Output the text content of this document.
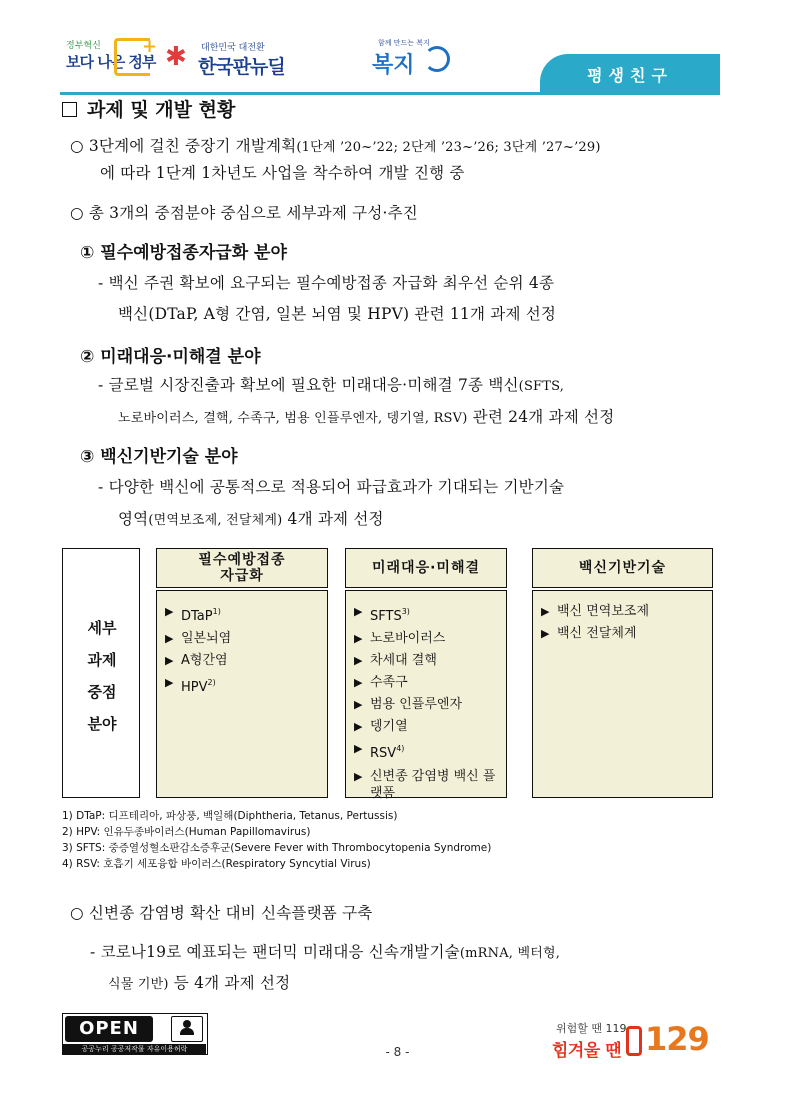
정부혁신
보다 나은 정부
+ ✱ 대한민국 대전환
한국판뉴딜
함께 만드는 복지
복지	평생친구
과제 및 개발 현황
○ 3단계에 걸친 중장기 개발계획(1단계 ’20~’22; 2단계 ’23~’26; 3단계 ’27~’29)
에 따라 1단계 1차년도 사업을 착수하여 개발 진행 중
○ 총 3개의 중점분야 중심으로 세부과제 구성·추진
① 필수예방접종자급화 분야
- 백신 주권 확보에 요구되는 필수예방접종 자급화 최우선 순위 4종
백신(DTaP, A형 간염, 일본 뇌염 및 HPV) 관련 11개 과제 선정
② 미래대응·미해결 분야
- 글로벌 시장진출과 확보에 필요한 미래대응·미해결 7종 백신(SFTS,
노로바이러스, 결핵, 수족구, 범용 인플루엔자, 뎅기열, RSV) 관련 24개 과제 선정
③ 백신기반기술 분야
- 다양한 백신에 공통적으로 적용되어 파급효과가 기대되는 기반기술
영역(면역보조제, 전달체계) 4개 과제 선정
세부
과제
중점
분야
필수예방접종
자급화
▶ DTaP$^{1)}$
▶ 일본뇌염
▶ A형간염
▶ HPV$^{2)}$
미래대응·미해결
▶ SFTS$^{3)}$
▶ 노로바이러스
▶ 차세대 결핵
▶ 수족구
▶ 범용 인플루엔자
▶ 뎅기열
▶ RSV$^{4)}$
▶ 신변종 감염병 백신 플랫폼
백신기반기술
▶ 백신 면역보조제
▶ 백신 전달체계
1) DTaP: 디프테리아, 파상풍, 백일해(Diphtheria, Tetanus, Pertussis)
2) HPV: 인유두종바이러스(Human Papillomavirus)
3) SFTS: 중증열성혈소판감소증후군(Severe Fever with Thrombocytopenia Syndrome)
4) RSV: 호흡기 세포융합 바이러스(Respiratory Syncytial Virus)
○ 신변종 감염병 확산 대비 신속플랫폼 구축
- 코로나19로 예표되는 팬더믹 미래대응 신속개발기술(mRNA, 벡터형,
식물 기반) 등 4개 과제 선정
OPEN
공공누리 공공저작물 자유이용허락	- 8 -
위험할 땐 119
힘겨울 땐 129
